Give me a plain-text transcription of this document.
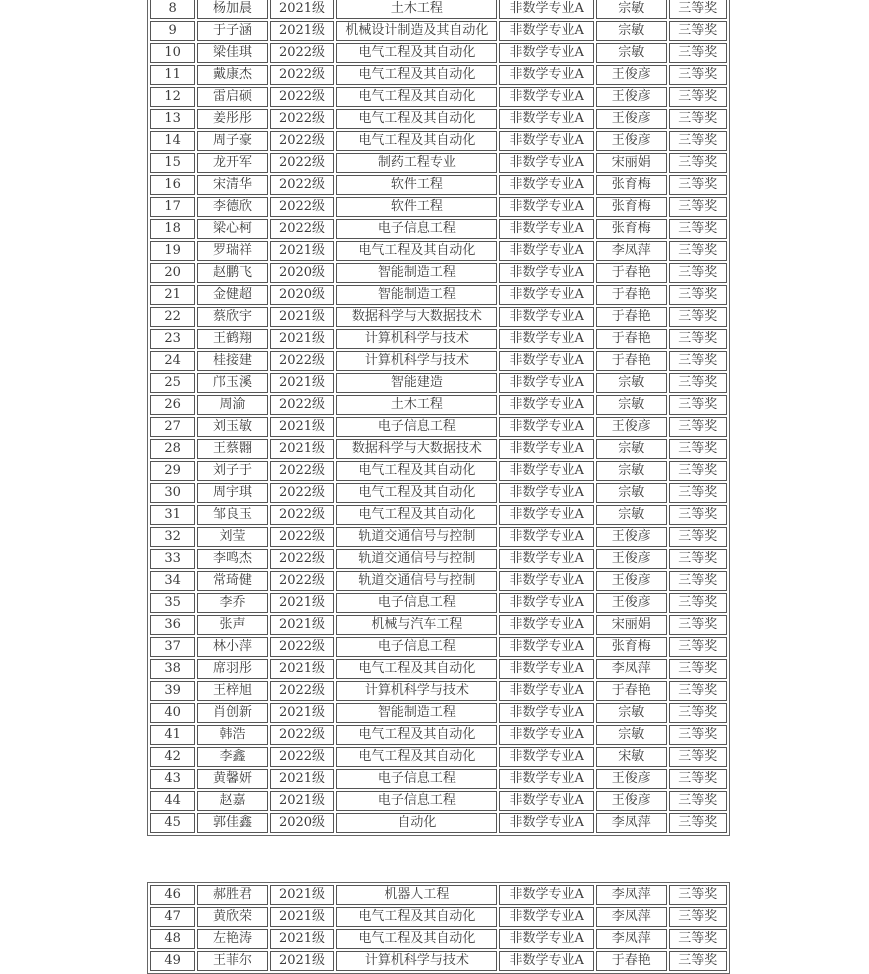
8	杨加晨	2021级	土木工程	非数学专业A	宗敏	三等奖
9	于子涵	2021级	机械设计制造及其自动化	非数学专业A	宗敏	三等奖
10	梁佳琪	2022级	电气工程及其自动化	非数学专业A	宗敏	三等奖
11	戴康杰	2022级	电气工程及其自动化	非数学专业A	王俊彦	三等奖
12	雷启硕	2022级	电气工程及其自动化	非数学专业A	王俊彦	三等奖
13	姜彤彤	2022级	电气工程及其自动化	非数学专业A	王俊彦	三等奖
14	周子豪	2022级	电气工程及其自动化	非数学专业A	王俊彦	三等奖
15	龙开军	2022级	制药工程专业	非数学专业A	宋丽娟	三等奖
16	宋清华	2022级	软件工程	非数学专业A	张育梅	三等奖
17	李德欣	2022级	软件工程	非数学专业A	张育梅	三等奖
18	梁心柯	2022级	电子信息工程	非数学专业A	张育梅	三等奖
19	罗瑞祥	2021级	电气工程及其自动化	非数学专业A	李凤萍	三等奖
20	赵鹏飞	2020级	智能制造工程	非数学专业A	于春艳	三等奖
21	金健超	2020级	智能制造工程	非数学专业A	于春艳	三等奖
22	蔡欣宇	2021级	数据科学与大数据技术	非数学专业A	于春艳	三等奖
23	王鹤翔	2021级	计算机科学与技术	非数学专业A	于春艳	三等奖
24	桂接建	2022级	计算机科学与技术	非数学专业A	于春艳	三等奖
25	邝玉溪	2021级	智能建造	非数学专业A	宗敏	三等奖
26	周渝	2022级	土木工程	非数学专业A	宗敏	三等奖
27	刘玉敏	2021级	电子信息工程	非数学专业A	王俊彦	三等奖
28	王蔡翾	2021级	数据科学与大数据技术	非数学专业A	宗敏	三等奖
29	刘子于	2022级	电气工程及其自动化	非数学专业A	宗敏	三等奖
30	周宇琪	2022级	电气工程及其自动化	非数学专业A	宗敏	三等奖
31	邹良玉	2022级	电气工程及其自动化	非数学专业A	宗敏	三等奖
32	刘莹	2022级	轨道交通信号与控制	非数学专业A	王俊彦	三等奖
33	李鸣杰	2022级	轨道交通信号与控制	非数学专业A	王俊彦	三等奖
34	常琦健	2022级	轨道交通信号与控制	非数学专业A	王俊彦	三等奖
35	李乔	2021级	电子信息工程	非数学专业A	王俊彦	三等奖
36	张声	2021级	机械与汽车工程	非数学专业A	宋丽娟	三等奖
37	林小萍	2022级	电子信息工程	非数学专业A	张育梅	三等奖
38	席羽彤	2021级	电气工程及其自动化	非数学专业A	李凤萍	三等奖
39	王梓旭	2022级	计算机科学与技术	非数学专业A	于春艳	三等奖
40	肖创新	2021级	智能制造工程	非数学专业A	宗敏	三等奖
41	韩浩	2022级	电气工程及其自动化	非数学专业A	宗敏	三等奖
42	李鑫	2022级	电气工程及其自动化	非数学专业A	宋敏	三等奖
43	黄馨妍	2021级	电子信息工程	非数学专业A	王俊彦	三等奖
44	赵嘉	2021级	电子信息工程	非数学专业A	王俊彦	三等奖
45	郭佳鑫	2020级	自动化	非数学专业A	李凤萍	三等奖
46	郝胜君	2021级	机器人工程	非数学专业A	李凤萍	三等奖
47	黄欣荣	2021级	电气工程及其自动化	非数学专业A	李凤萍	三等奖
48	左艳涛	2021级	电气工程及其自动化	非数学专业A	李凤萍	三等奖
49	王菲尔	2021级	计算机科学与技术	非数学专业A	于春艳	三等奖
